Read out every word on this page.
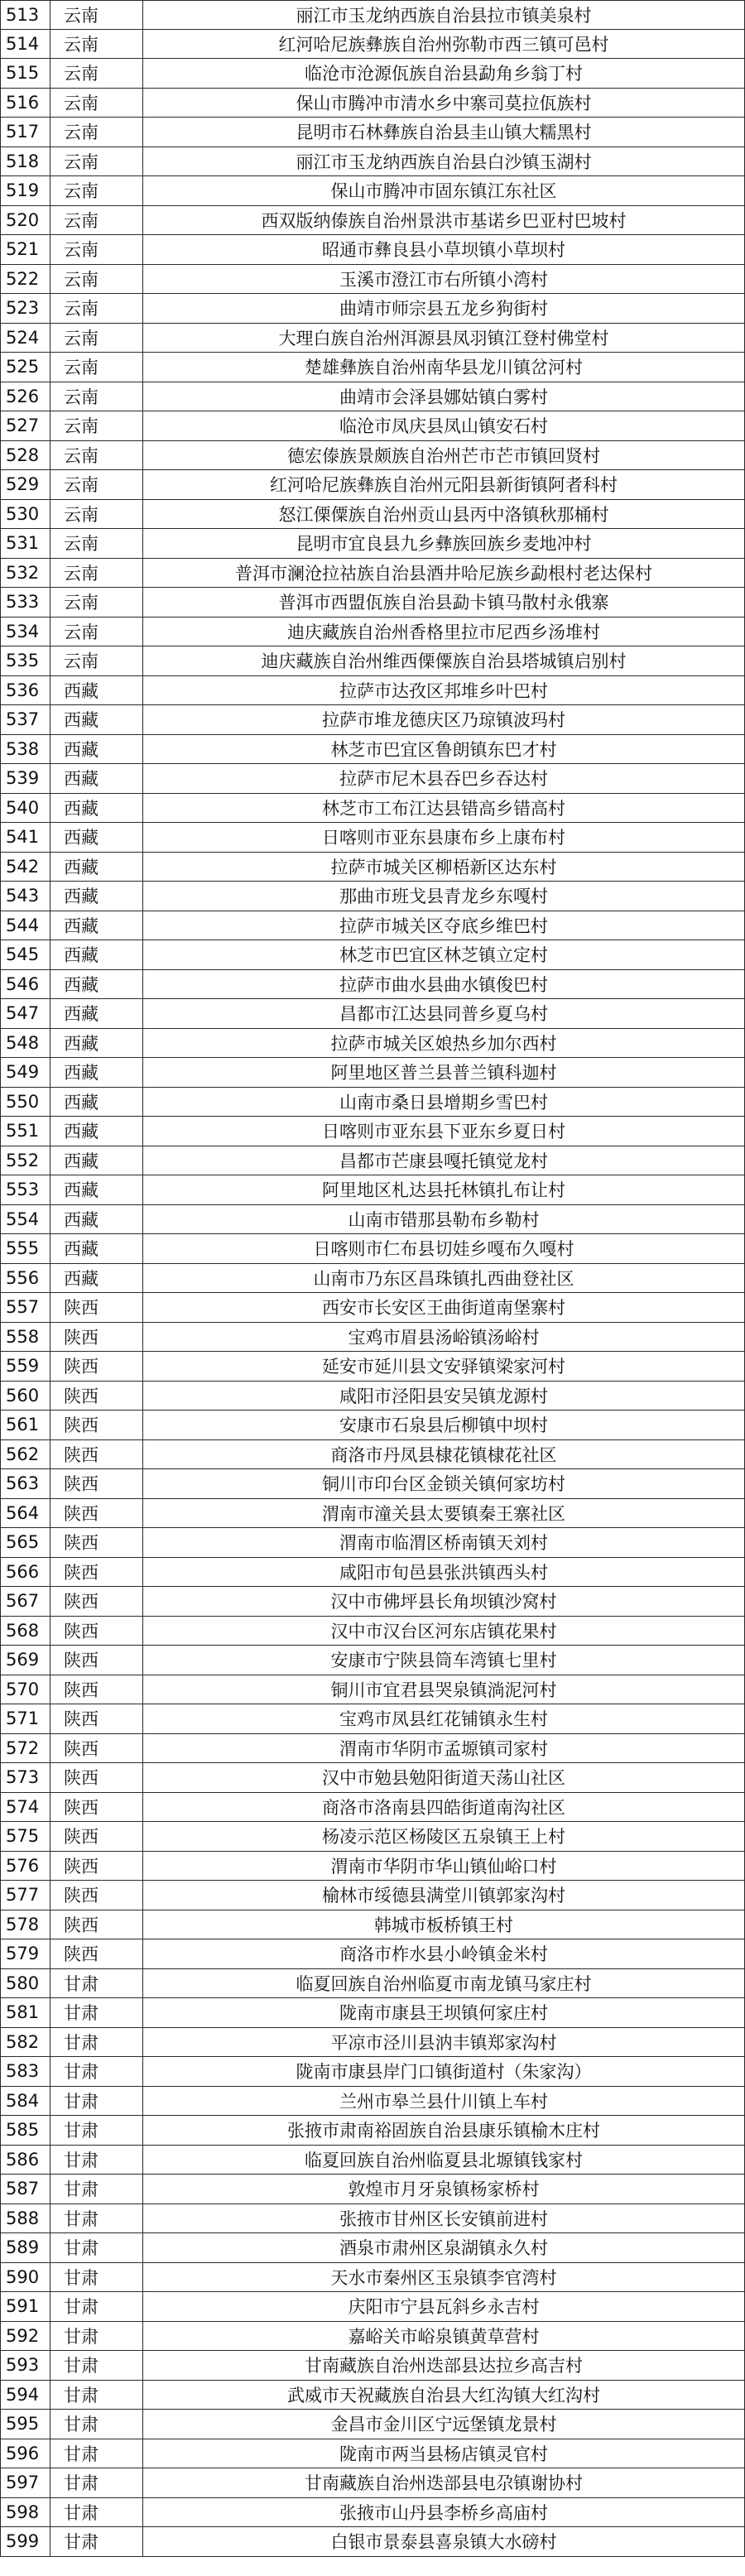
513	云南	丽江市玉龙纳西族自治县拉市镇美泉村
514	云南	红河哈尼族彝族自治州弥勒市西三镇可邑村
515	云南	临沧市沧源佤族自治县勐角乡翁丁村
516	云南	保山市腾冲市清水乡中寨司莫拉佤族村
517	云南	昆明市石林彝族自治县圭山镇大糯黑村
518	云南	丽江市玉龙纳西族自治县白沙镇玉湖村
519	云南	保山市腾冲市固东镇江东社区
520	云南	西双版纳傣族自治州景洪市基诺乡巴亚村巴坡村
521	云南	昭通市彝良县小草坝镇小草坝村
522	云南	玉溪市澄江市右所镇小湾村
523	云南	曲靖市师宗县五龙乡狗街村
524	云南	大理白族自治州洱源县凤羽镇江登村佛堂村
525	云南	楚雄彝族自治州南华县龙川镇岔河村
526	云南	曲靖市会泽县娜姑镇白雾村
527	云南	临沧市凤庆县凤山镇安石村
528	云南	德宏傣族景颇族自治州芒市芒市镇回贤村
529	云南	红河哈尼族彝族自治州元阳县新街镇阿者科村
530	云南	怒江傈僳族自治州贡山县丙中洛镇秋那桶村
531	云南	昆明市宜良县九乡彝族回族乡麦地冲村
532	云南	普洱市澜沧拉祜族自治县酒井哈尼族乡勐根村老达保村
533	云南	普洱市西盟佤族自治县勐卡镇马散村永俄寨
534	云南	迪庆藏族自治州香格里拉市尼西乡汤堆村
535	云南	迪庆藏族自治州维西傈僳族自治县塔城镇启别村
536	西藏	拉萨市达孜区邦堆乡叶巴村
537	西藏	拉萨市堆龙德庆区乃琼镇波玛村
538	西藏	林芝市巴宜区鲁朗镇东巴才村
539	西藏	拉萨市尼木县吞巴乡吞达村
540	西藏	林芝市工布江达县错高乡错高村
541	西藏	日喀则市亚东县康布乡上康布村
542	西藏	拉萨市城关区柳梧新区达东村
543	西藏	那曲市班戈县青龙乡东嘎村
544	西藏	拉萨市城关区夺底乡维巴村
545	西藏	林芝市巴宜区林芝镇立定村
546	西藏	拉萨市曲水县曲水镇俊巴村
547	西藏	昌都市江达县同普乡夏乌村
548	西藏	拉萨市城关区娘热乡加尔西村
549	西藏	阿里地区普兰县普兰镇科迦村
550	西藏	山南市桑日县增期乡雪巴村
551	西藏	日喀则市亚东县下亚东乡夏日村
552	西藏	昌都市芒康县嘎托镇觉龙村
553	西藏	阿里地区札达县托林镇扎布让村
554	西藏	山南市错那县勒布乡勒村
555	西藏	日喀则市仁布县切娃乡嘎布久嘎村
556	西藏	山南市乃东区昌珠镇扎西曲登社区
557	陕西	西安市长安区王曲街道南堡寨村
558	陕西	宝鸡市眉县汤峪镇汤峪村
559	陕西	延安市延川县文安驿镇梁家河村
560	陕西	咸阳市泾阳县安吴镇龙源村
561	陕西	安康市石泉县后柳镇中坝村
562	陕西	商洛市丹凤县棣花镇棣花社区
563	陕西	铜川市印台区金锁关镇何家坊村
564	陕西	渭南市潼关县太要镇秦王寨社区
565	陕西	渭南市临渭区桥南镇天刘村
566	陕西	咸阳市旬邑县张洪镇西头村
567	陕西	汉中市佛坪县长角坝镇沙窝村
568	陕西	汉中市汉台区河东店镇花果村
569	陕西	安康市宁陕县筒车湾镇七里村
570	陕西	铜川市宜君县哭泉镇淌泥河村
571	陕西	宝鸡市凤县红花铺镇永生村
572	陕西	渭南市华阴市孟塬镇司家村
573	陕西	汉中市勉县勉阳街道天荡山社区
574	陕西	商洛市洛南县四皓街道南沟社区
575	陕西	杨凌示范区杨陵区五泉镇王上村
576	陕西	渭南市华阴市华山镇仙峪口村
577	陕西	榆林市绥德县满堂川镇郭家沟村
578	陕西	韩城市板桥镇王村
579	陕西	商洛市柞水县小岭镇金米村
580	甘肃	临夏回族自治州临夏市南龙镇马家庄村
581	甘肃	陇南市康县王坝镇何家庄村
582	甘肃	平凉市泾川县汭丰镇郑家沟村
583	甘肃	陇南市康县岸门口镇街道村（朱家沟）
584	甘肃	兰州市皋兰县什川镇上车村
585	甘肃	张掖市肃南裕固族自治县康乐镇榆木庄村
586	甘肃	临夏回族自治州临夏县北塬镇钱家村
587	甘肃	敦煌市月牙泉镇杨家桥村
588	甘肃	张掖市甘州区长安镇前进村
589	甘肃	酒泉市肃州区泉湖镇永久村
590	甘肃	天水市秦州区玉泉镇李官湾村
591	甘肃	庆阳市宁县瓦斜乡永吉村
592	甘肃	嘉峪关市峪泉镇黄草营村
593	甘肃	甘南藏族自治州迭部县达拉乡高吉村
594	甘肃	武威市天祝藏族自治县大红沟镇大红沟村
595	甘肃	金昌市金川区宁远堡镇龙景村
596	甘肃	陇南市两当县杨店镇灵官村
597	甘肃	甘南藏族自治州迭部县电尕镇谢协村
598	甘肃	张掖市山丹县李桥乡高庙村
599	甘肃	白银市景泰县喜泉镇大水磅村
